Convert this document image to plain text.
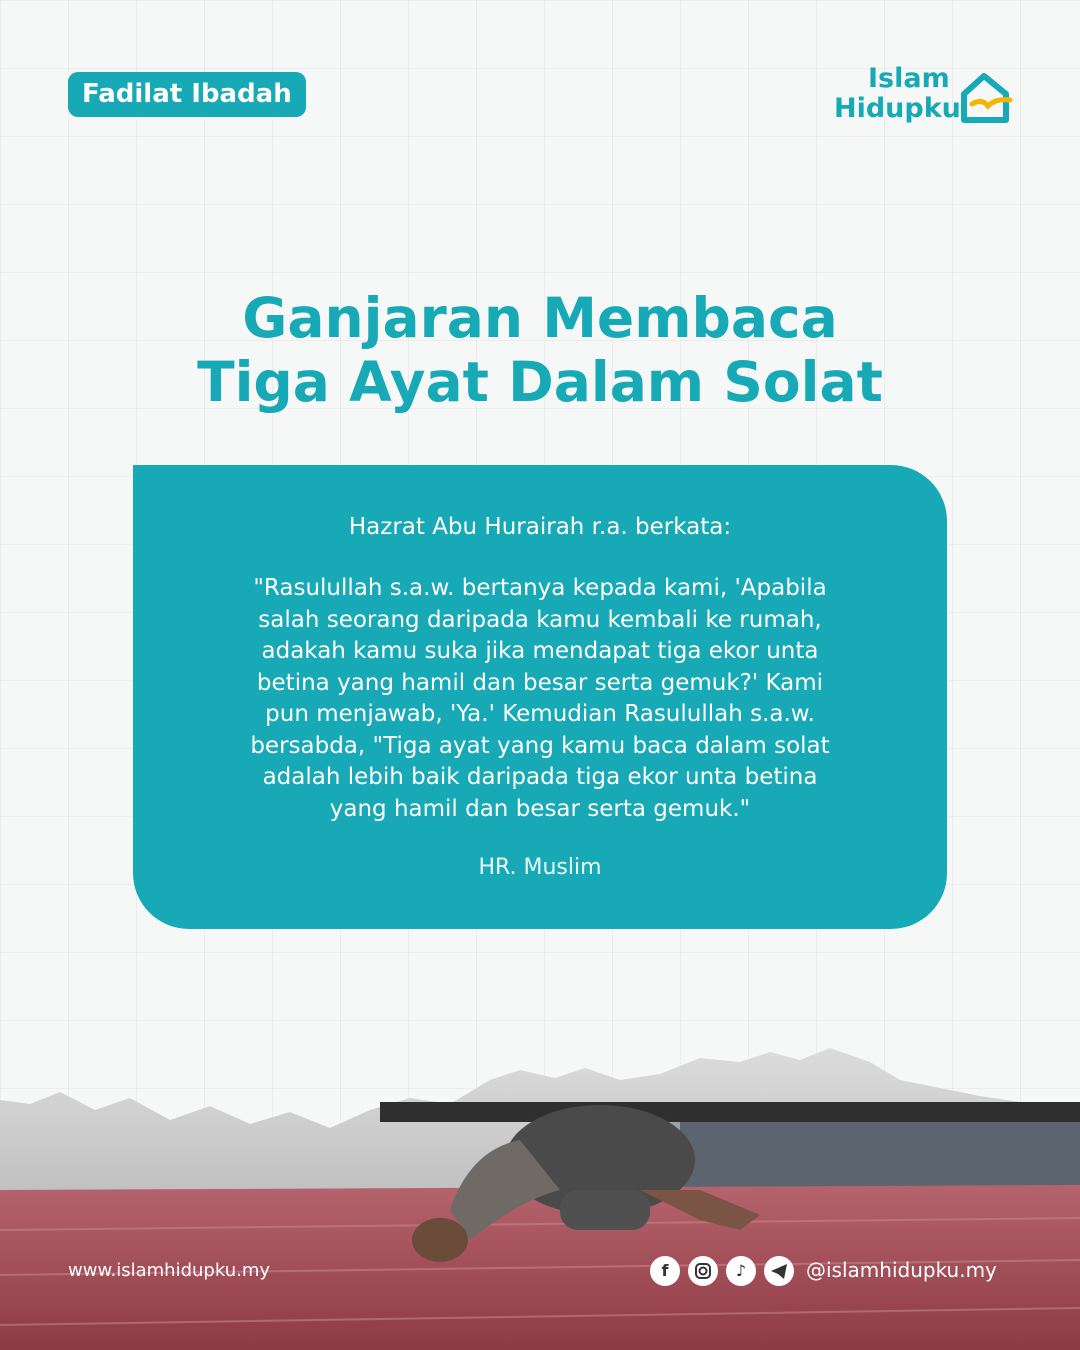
Fadilat Ibadah	Islam
Hidupku
Ganjaran Membaca
Tiga Ayat Dalam Solat
Hazrat Abu Hurairah r.a. berkata:
"Rasulullah s.a.w. bertanya kepada kami, 'Apabila
salah seorang daripada kamu kembali ke rumah,
adakah kamu suka jika mendapat tiga ekor unta
betina yang hamil dan besar serta gemuk?' Kami
pun menjawab, 'Ya.' Kemudian Rasulullah s.a.w.
bersabda, "Tiga ayat yang kamu baca dalam solat
adalah lebih baik daripada tiga ekor unta betina
yang hamil dan besar serta gemuk."
HR. Muslim
www.islamhidupku.my	f	♪	@islamhidupku.my
